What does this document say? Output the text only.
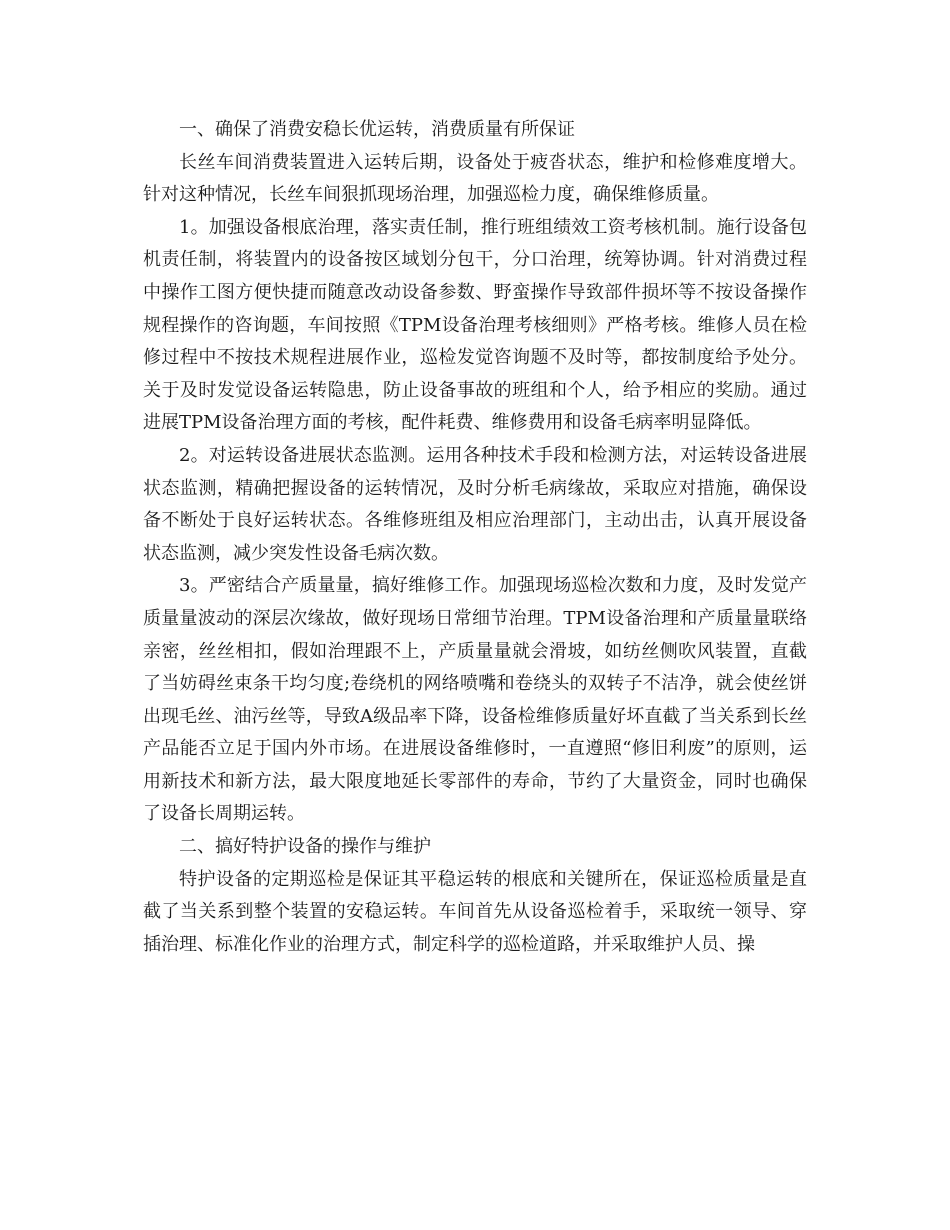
一、确保了消费安稳长优运转，消费质量有所保证

长丝车间消费装置进入运转后期，设备处于疲沓状态，维护和检修难度增大。针对这种情况，长丝车间狠抓现场治理，加强巡检力度，确保维修质量。

1。加强设备根底治理，落实责任制，推行班组绩效工资考核机制。施行设备包机责任制，将装置内的设备按区域划分包干，分口治理，统筹协调。针对消费过程中操作工图方便快捷而随意改动设备参数、野蛮操作导致部件损坏等不按设备操作规程操作的咨询题，车间按照《TPM设备治理考核细则》严格考核。维修人员在检修过程中不按技术规程进展作业，巡检发觉咨询题不及时等，都按制度给予处分。关于及时发觉设备运转隐患，防止设备事故的班组和个人，给予相应的奖励。通过进展TPM设备治理方面的考核，配件耗费、维修费用和设备毛病率明显降低。

2。对运转设备进展状态监测。运用各种技术手段和检测方法，对运转设备进展状态监测，精确把握设备的运转情况，及时分析毛病缘故，采取应对措施，确保设备不断处于良好运转状态。各维修班组及相应治理部门，主动出击，认真开展设备状态监测，减少突发性设备毛病次数。

3。严密结合产质量量，搞好维修工作。加强现场巡检次数和力度，及时发觉产质量量波动的深层次缘故，做好现场日常细节治理。TPM设备治理和产质量量联络亲密，丝丝相扣，假如治理跟不上，产质量量就会滑坡，如纺丝侧吹风装置，直截了当妨碍丝束条干均匀度;卷绕机的网络喷嘴和卷绕头的双转子不洁净，就会使丝饼出现毛丝、油污丝等，导致A级品率下降，设备检维修质量好坏直截了当关系到长丝产品能否立足于国内外市场。在进展设备维修时，一直遵照“修旧利废”的原则，运用新技术和新方法，最大限度地延长零部件的寿命，节约了大量资金，同时也确保了设备长周期运转。

二、搞好特护设备的操作与维护

特护设备的定期巡检是保证其平稳运转的根底和关键所在，保证巡检质量是直截了当关系到整个装置的安稳运转。车间首先从设备巡检着手，采取统一领导、穿插治理、标准化作业的治理方式，制定科学的巡检道路，并采取维护人员、操
